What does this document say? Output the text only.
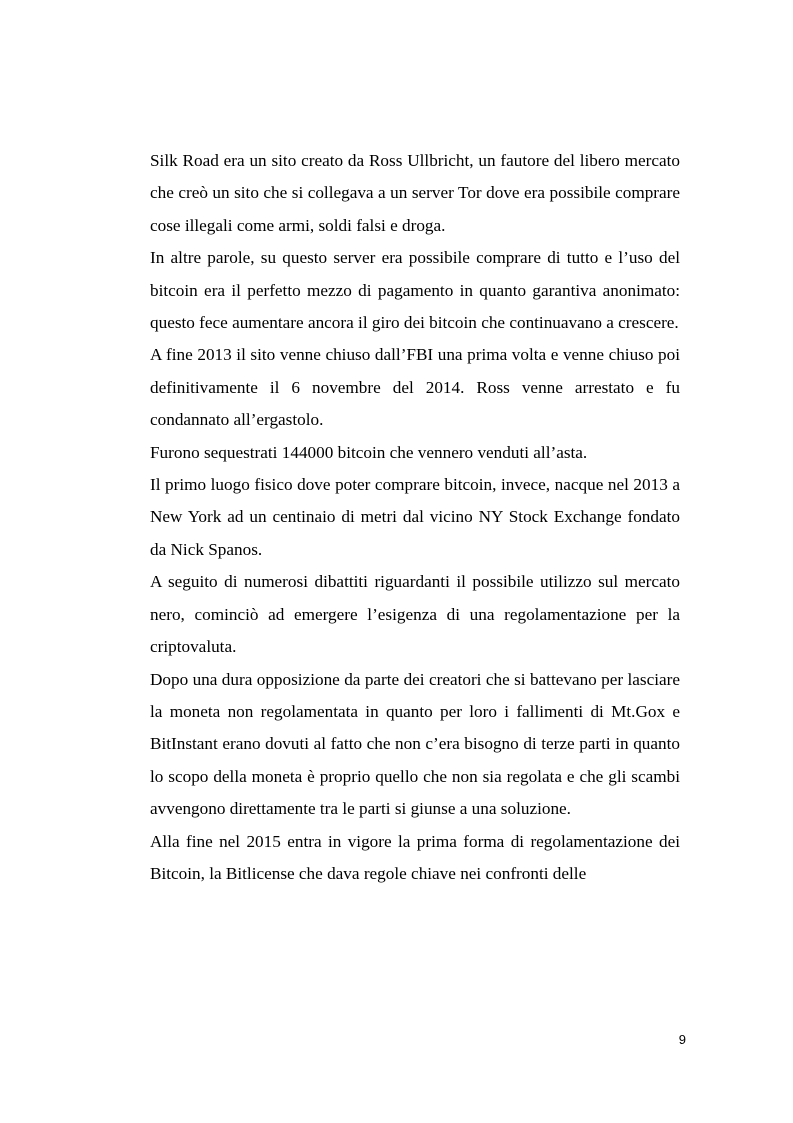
Silk Road era un sito creato da Ross Ullbricht, un fautore del libero mercato che creò un sito che si collegava a un server Tor dove era possibile comprare cose illegali come armi, soldi falsi e droga.

In altre parole, su questo server era possibile comprare di tutto e l’uso del bitcoin era il perfetto mezzo di pagamento in quanto garantiva anonimato: questo fece aumentare ancora il giro dei bitcoin che continuavano a crescere.

A fine 2013 il sito venne chiuso dall’FBI una prima volta e venne chiuso poi definitivamente il 6 novembre del 2014. Ross venne arrestato e fu condannato all’ergastolo.

Furono sequestrati 144000 bitcoin che vennero venduti all’asta.

Il primo luogo fisico dove poter comprare bitcoin, invece, nacque nel 2013 a New York ad un centinaio di metri dal vicino NY Stock Exchange fondato da Nick Spanos.

A seguito di numerosi dibattiti riguardanti il possibile utilizzo sul mercato nero, cominciò ad emergere l’esigenza di una regolamentazione per la criptovaluta.

Dopo una dura opposizione da parte dei creatori che si battevano per lasciare la moneta non regolamentata in quanto per loro i fallimenti di Mt.Gox e BitInstant erano dovuti al fatto che non c’era bisogno di terze parti in quanto lo scopo della moneta è proprio quello che non sia regolata e che gli scambi avvengono direttamente tra le parti si giunse a una soluzione.

Alla fine nel 2015 entra in vigore la prima forma di regolamentazione dei Bitcoin, la Bitlicense che dava regole chiave nei confronti delle

9
